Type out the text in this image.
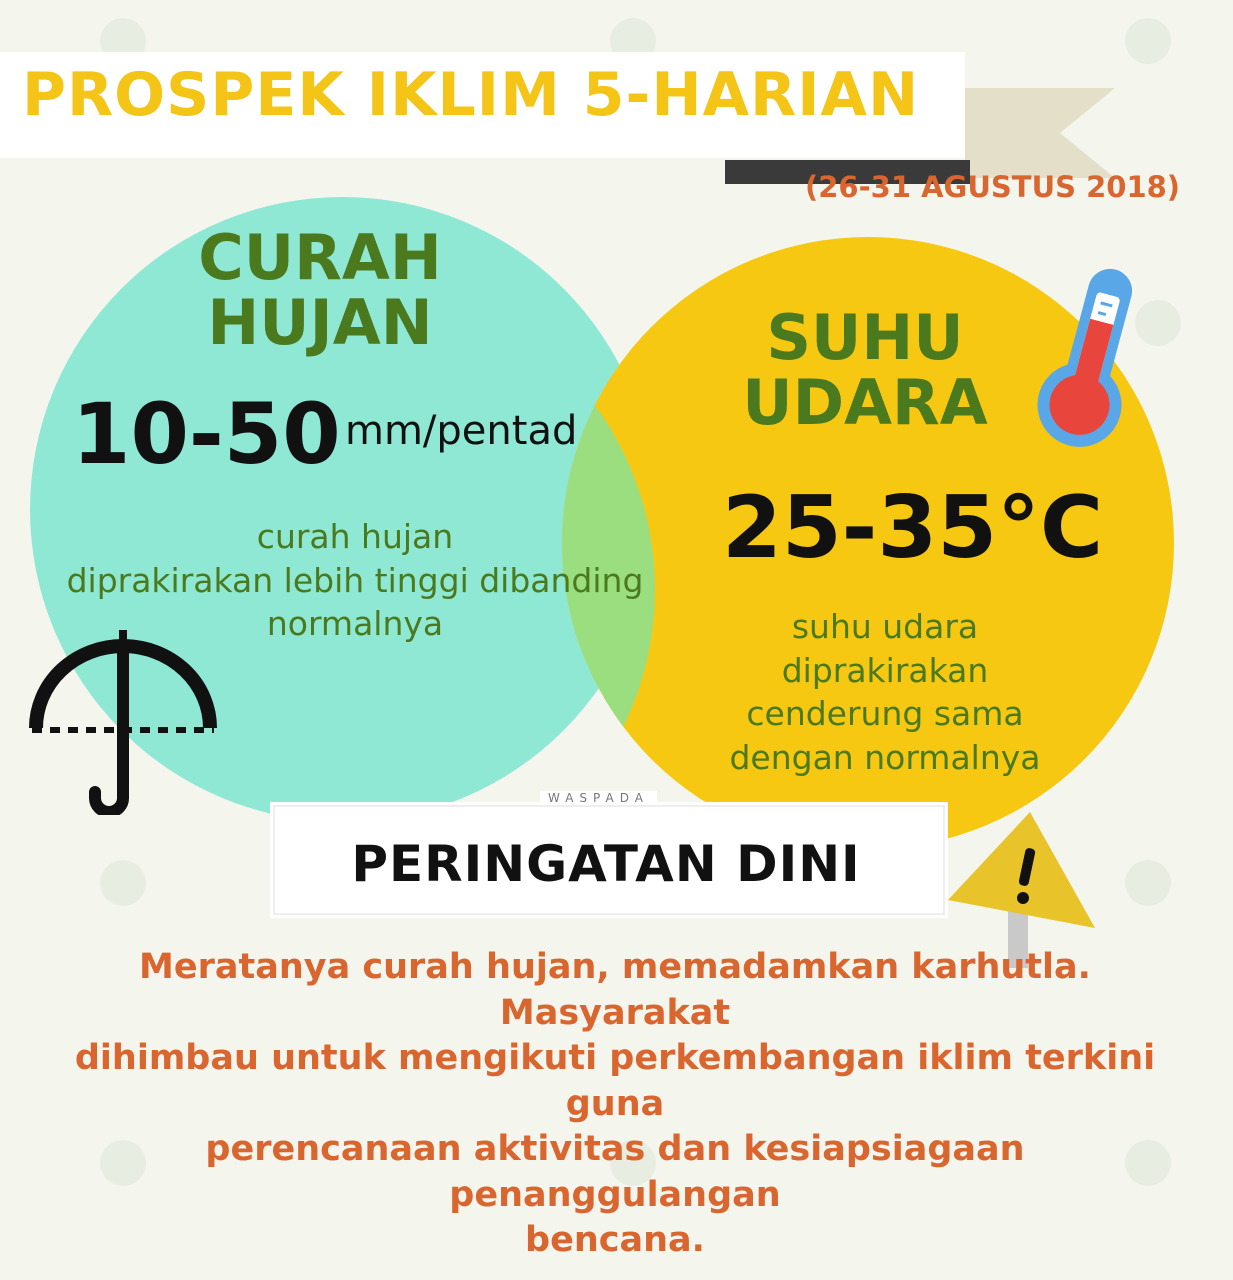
PROSPEK IKLIM 5-HARIAN
(26-31 AGUSTUS 2018)
CURAH
HUJAN
10-50 mm/pentad
curah hujan
diprakirakan lebih tinggi dibanding
normalnya
SUHU
UDARA
25-35°C
suhu udara
diprakirakan
cenderung sama
dengan normalnya
WASPADA
PERINGATAN DINI
Meratanya curah hujan, memadamkan karhutla. Masyarakat
dihimbau untuk mengikuti perkembangan iklim terkini guna
perencanaan aktivitas dan kesiapsiagaan penanggulangan
bencana.
